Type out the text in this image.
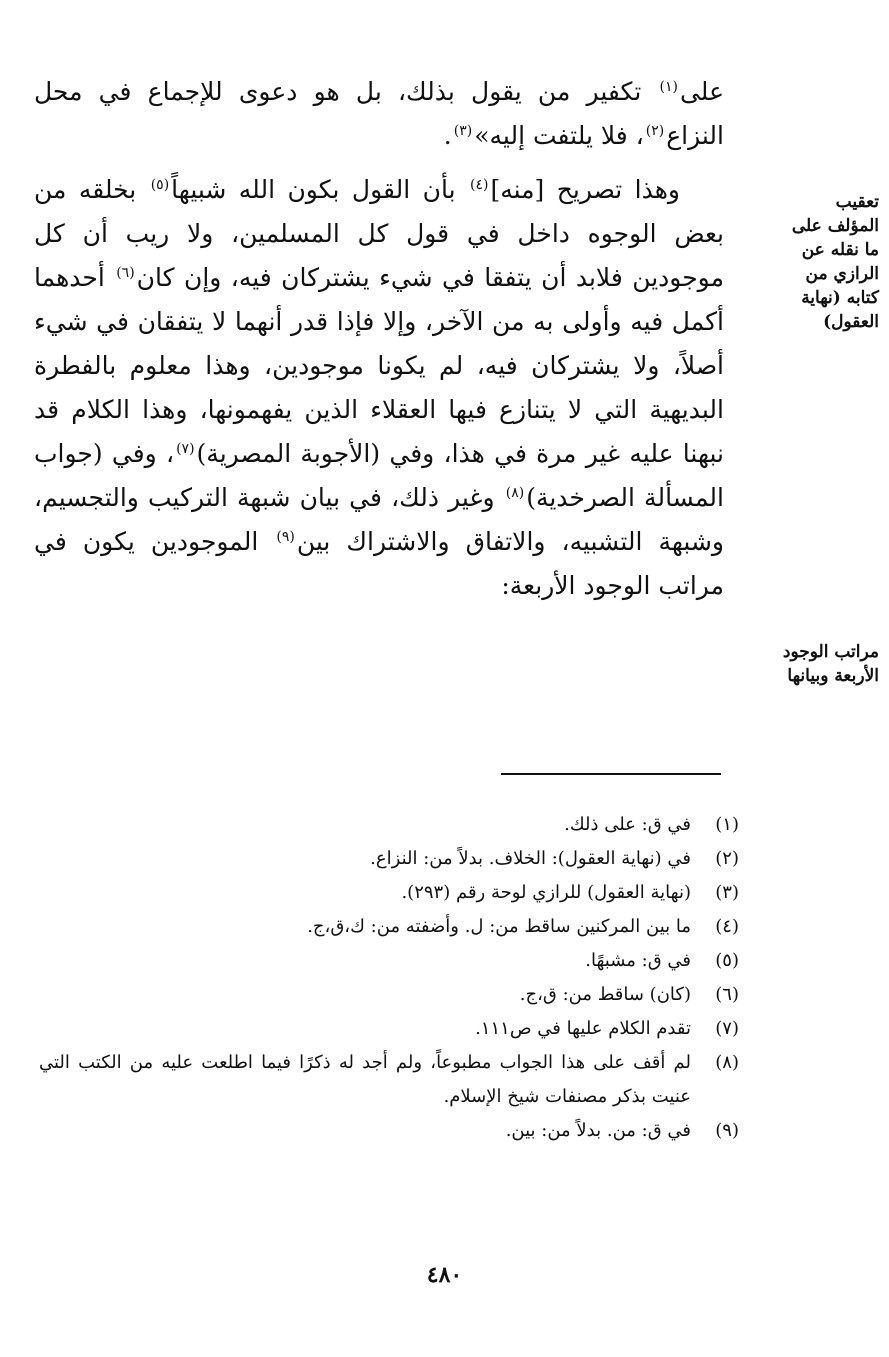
على$^{(١)}$ تكفير من يقول بذلك، بل هو دعوى للإجماع في محل النزاع$^{(٢)}$، فلا يلتفت إليه»$^{(٣)}$.

وهذا تصريح [منه]$^{(٤)}$ بأن القول بكون الله شبيهاً$^{(٥)}$ بخلقه من بعض الوجوه داخل في قول كل المسلمين، ولا ريب أن كل موجودين فلابد أن يتفقا في شيء يشتركان فيه، وإن كان$^{(٦)}$ أحدهما أكمل فيه وأولى به من الآخر، وإلا فإذا قدر أنهما لا يتفقان في شيء أصلاً، ولا يشتركان فيه، لم يكونا موجودين، وهذا معلوم بالفطرة البديهية التي لا يتنازع فيها العقلاء الذين يفهمونها، وهذا الكلام قد نبهنا عليه غير مرة في هذا، وفي (الأجوبة المصرية)$^{(٧)}$، وفي (جواب المسألة الصرخدية)$^{(٨)}$ وغير ذلك، في بيان شبهة التركيب والتجسيم، وشبهة التشبيه، والاتفاق والاشتراك بين$^{(٩)}$ الموجودين يكون في مراتب الوجود الأربعة:

تعقيب
المؤلف على
ما نقله عن
الرازي من
كتابه (نهاية
العقول)
مراتب الوجود
الأربعة وبيانها
(١)
في ق: على ذلك.
(٢)
في (نهاية العقول): الخلاف. بدلاً من: النزاع.
(٣)
(نهاية العقول) للرازي لوحة رقم (٢٩٣).
(٤)
ما بين المركنين ساقط من: ل. وأضفته من: ك،ق،ج.
(٥)
في ق: مشبهًا.
(٦)
(كان) ساقط من: ق،ج.
(٧)
تقدم الكلام عليها في ص١١١.
(٨)
لم أقف على هذا الجواب مطبوعاً، ولم أجد له ذكرًا فيما اطلعت عليه من الكتب التي عنيت بذكر مصنفات شيخ الإسلام.
(٩)
في ق: من. بدلاً من: بين.
٤٨٠
